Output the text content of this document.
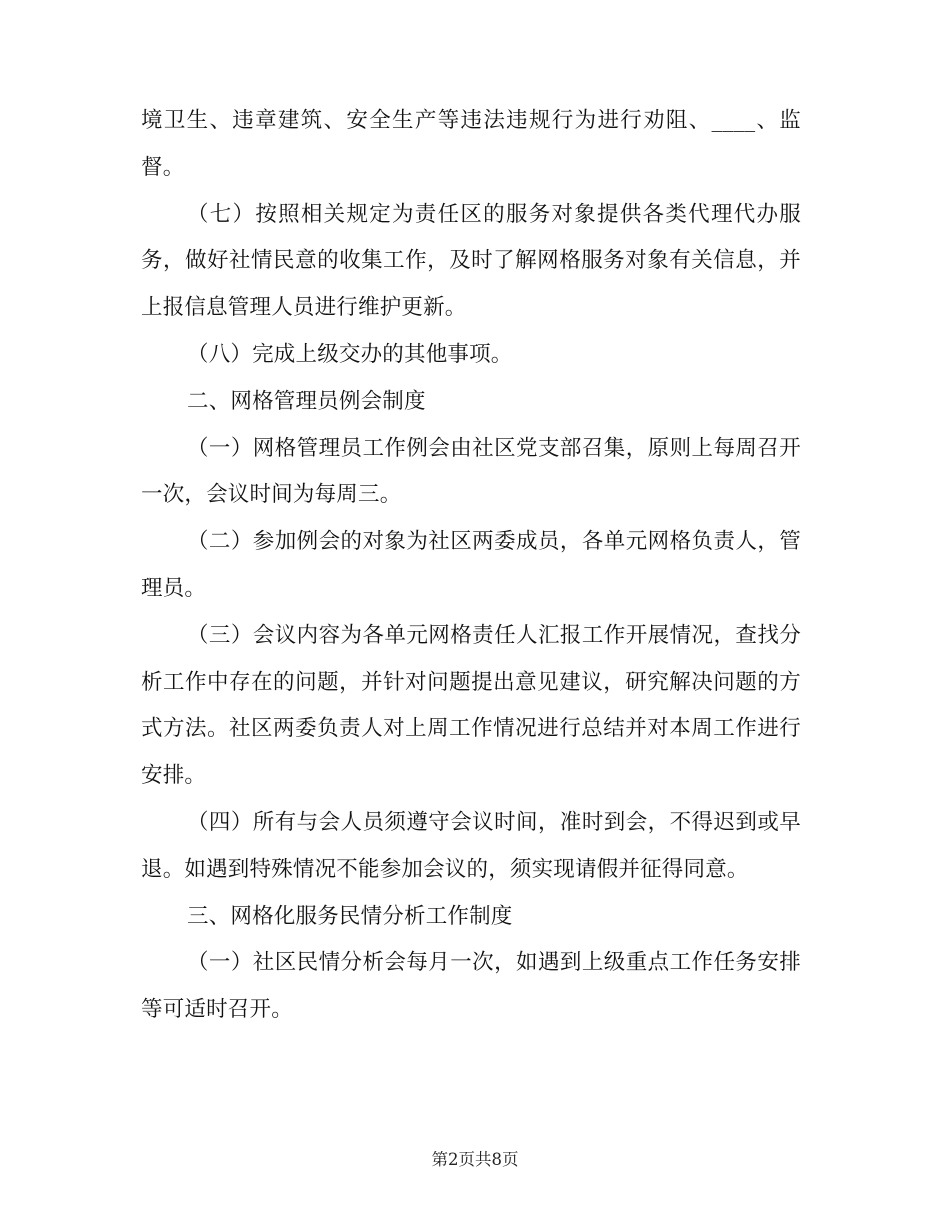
境卫生、违章建筑、安全生产等违法违规行为进行劝阻、____、监督。

（七）按照相关规定为责任区的服务对象提供各类代理代办服务，做好社情民意的收集工作，及时了解网格服务对象有关信息，并上报信息管理人员进行维护更新。

（八）完成上级交办的其他事项。

二、网格管理员例会制度

（一）网格管理员工作例会由社区党支部召集，原则上每周召开一次，会议时间为每周三。

（二）参加例会的对象为社区两委成员，各单元网格负责人，管理员。

（三）会议内容为各单元网格责任人汇报工作开展情况，查找分析工作中存在的问题，并针对问题提出意见建议，研究解决问题的方式方法。社区两委负责人对上周工作情况进行总结并对本周工作进行安排。

（四）所有与会人员须遵守会议时间，准时到会，不得迟到或早退。如遇到特殊情况不能参加会议的，须实现请假并征得同意。

三、网格化服务民情分析工作制度

（一）社区民情分析会每月一次，如遇到上级重点工作任务安排等可适时召开。

第2页共8页
